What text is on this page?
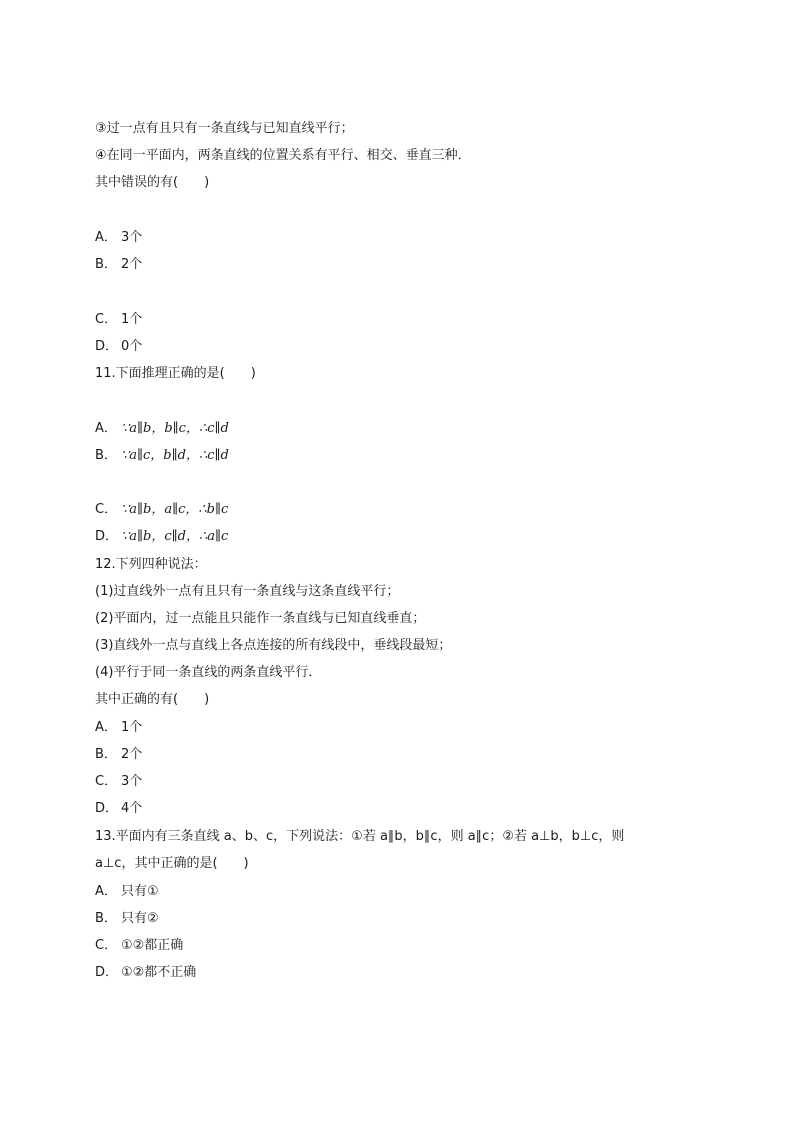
③过一点有且只有一条直线与已知直线平行；
④在同一平面内，两条直线的位置关系有平行、相交、垂直三种．
其中错误的有(　　)
A． 3个
B． 2个
C． 1个
D． 0个
11.下面推理正确的是(　　)
A． ∵a∥b，b∥c，∴c∥d
B． ∵a∥c，b∥d，∴c∥d
C． ∵a∥b，a∥c，∴b∥c
D． ∵a∥b，c∥d，∴a∥c
12.下列四种说法：
(1)过直线外一点有且只有一条直线与这条直线平行；
(2)平面内，过一点能且只能作一条直线与已知直线垂直；
(3)直线外一点与直线上各点连接的所有线段中，垂线段最短；
(4)平行于同一条直线的两条直线平行．
其中正确的有(　　)
A． 1个
B． 2个
C． 3个
D． 4个
13.平面内有三条直线 a、b、c，下列说法：①若 a∥b，b∥c，则 a∥c；②若 a⊥b，b⊥c，则
a⊥c，其中正确的是(　　)
A． 只有①
B． 只有②
C． ①②都正确
D． ①②都不正确
